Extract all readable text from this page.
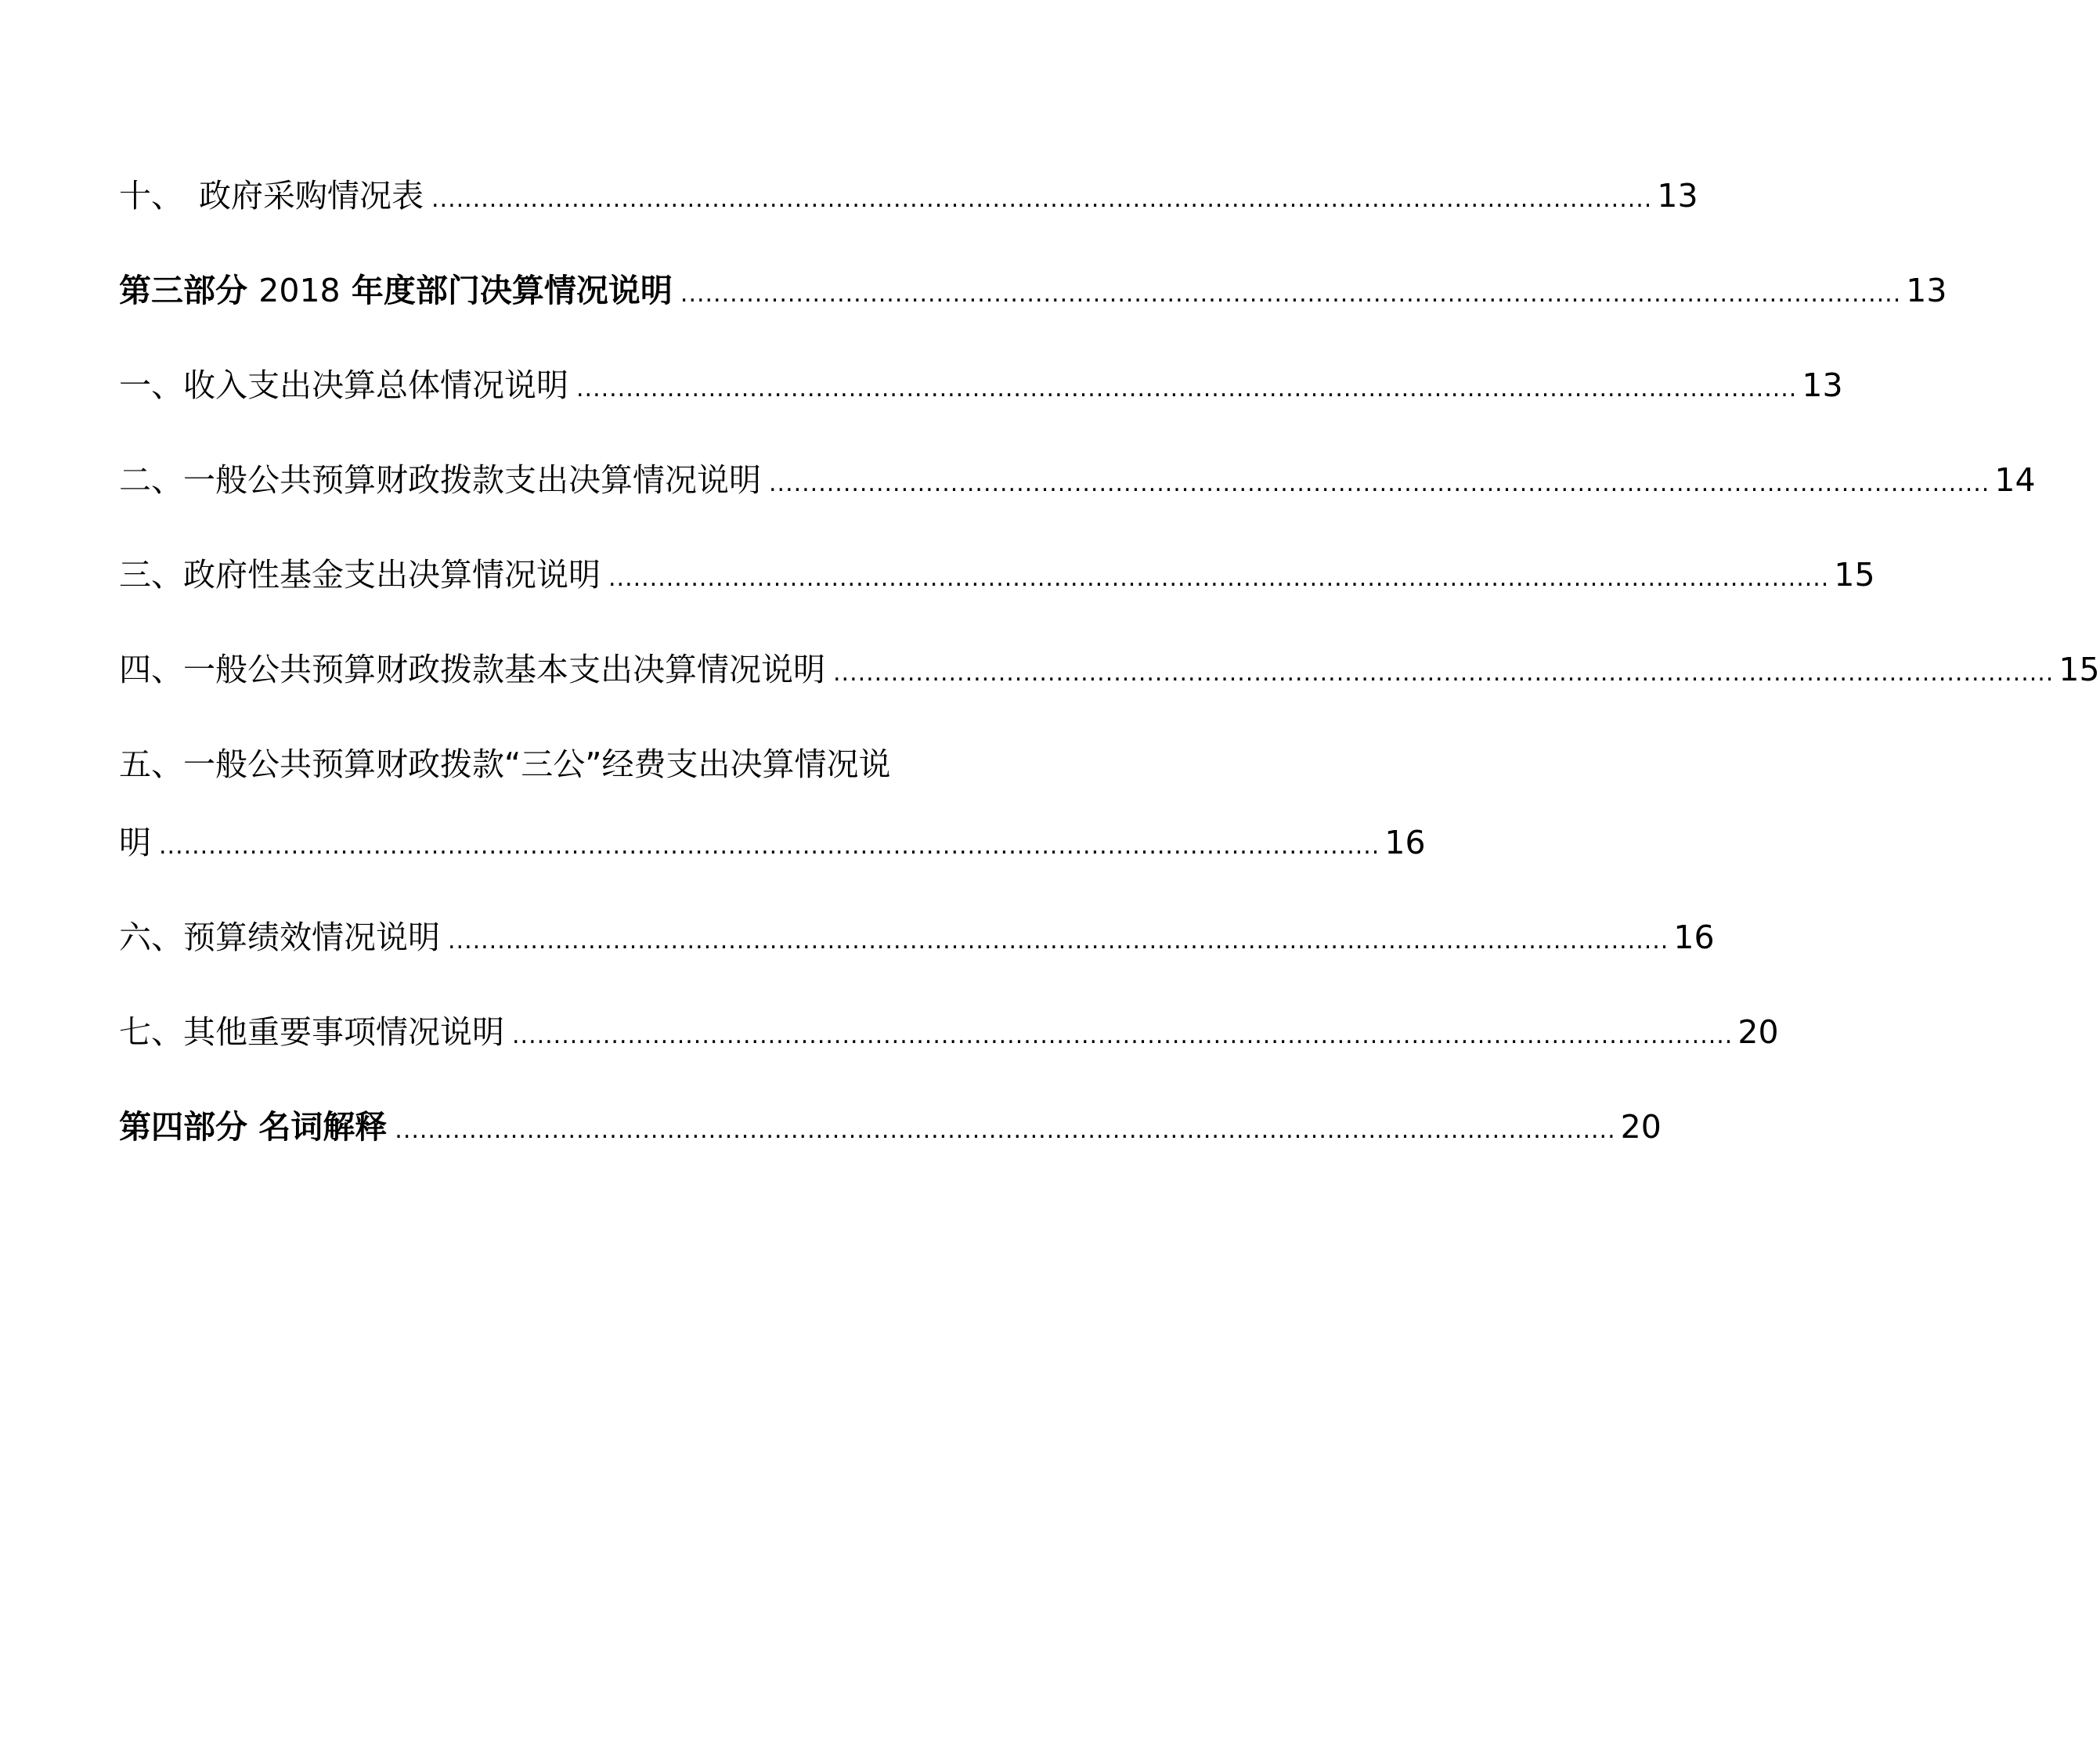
十、 政府采购情况表 .................................................................................................................................................... 13
第三部分 2018 年度部门决算情况说明 .................................................................................................................................................... 13
一、收入支出决算总体情况说明 .................................................................................................................................................... 13
二、一般公共预算财政拨款支出决算情况说明 .................................................................................................................................................... 14
三、政府性基金支出决算情况说明 .................................................................................................................................................... 15
四、一般公共预算财政拨款基本支出决算情况说明 .................................................................................................................................................... 15
五、一般公共预算财政拨款“三公”经费支出决算情况说
明 .................................................................................................................................................... 16
六、预算绩效情况说明 .................................................................................................................................................... 16
七、其他重要事项情况说明 .................................................................................................................................................... 20
第四部分 名词解释 .................................................................................................................................................... 20
